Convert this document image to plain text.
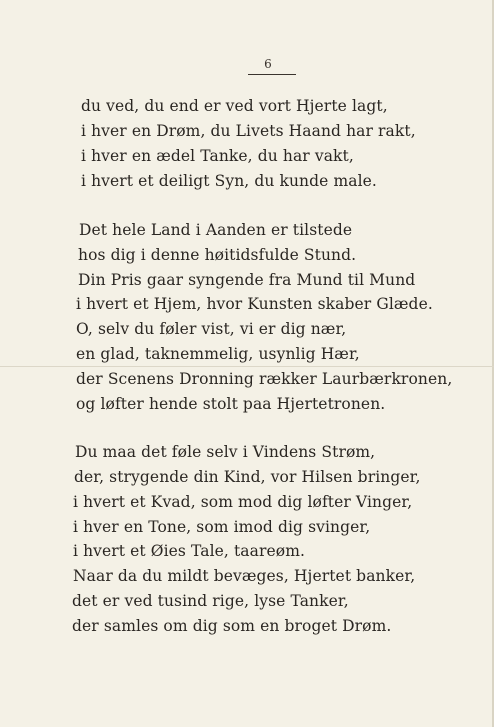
6
du ved, du end er ved vort Hjerte lagt,
i hver en Drøm, du Livets Haand har rakt,
i hver en ædel Tanke, du har vakt,
i hvert et deiligt Syn, du kunde male.
Det hele Land i Aanden er tilstede
hos dig i denne høitidsfulde Stund.
Din Pris gaar syngende fra Mund til Mund
i hvert et Hjem, hvor Kunsten skaber Glæde.
O, selv du føler vist, vi er dig nær,
en glad, taknemmelig, usynlig Hær,
der Scenens Dronning rækker Laurbærkronen,
og løfter hende stolt paa Hjertetronen.
Du maa det føle selv i Vindens Strøm,
der, strygende din Kind, vor Hilsen bringer,
i hvert et Kvad, som mod dig løfter Vinger,
i hver en Tone, som imod dig svinger,
i hvert et Øies Tale, taareøm.
Naar da du mildt bevæges, Hjertet banker,
det er ved tusind rige, lyse Tanker,
der samles om dig som en broget Drøm.
